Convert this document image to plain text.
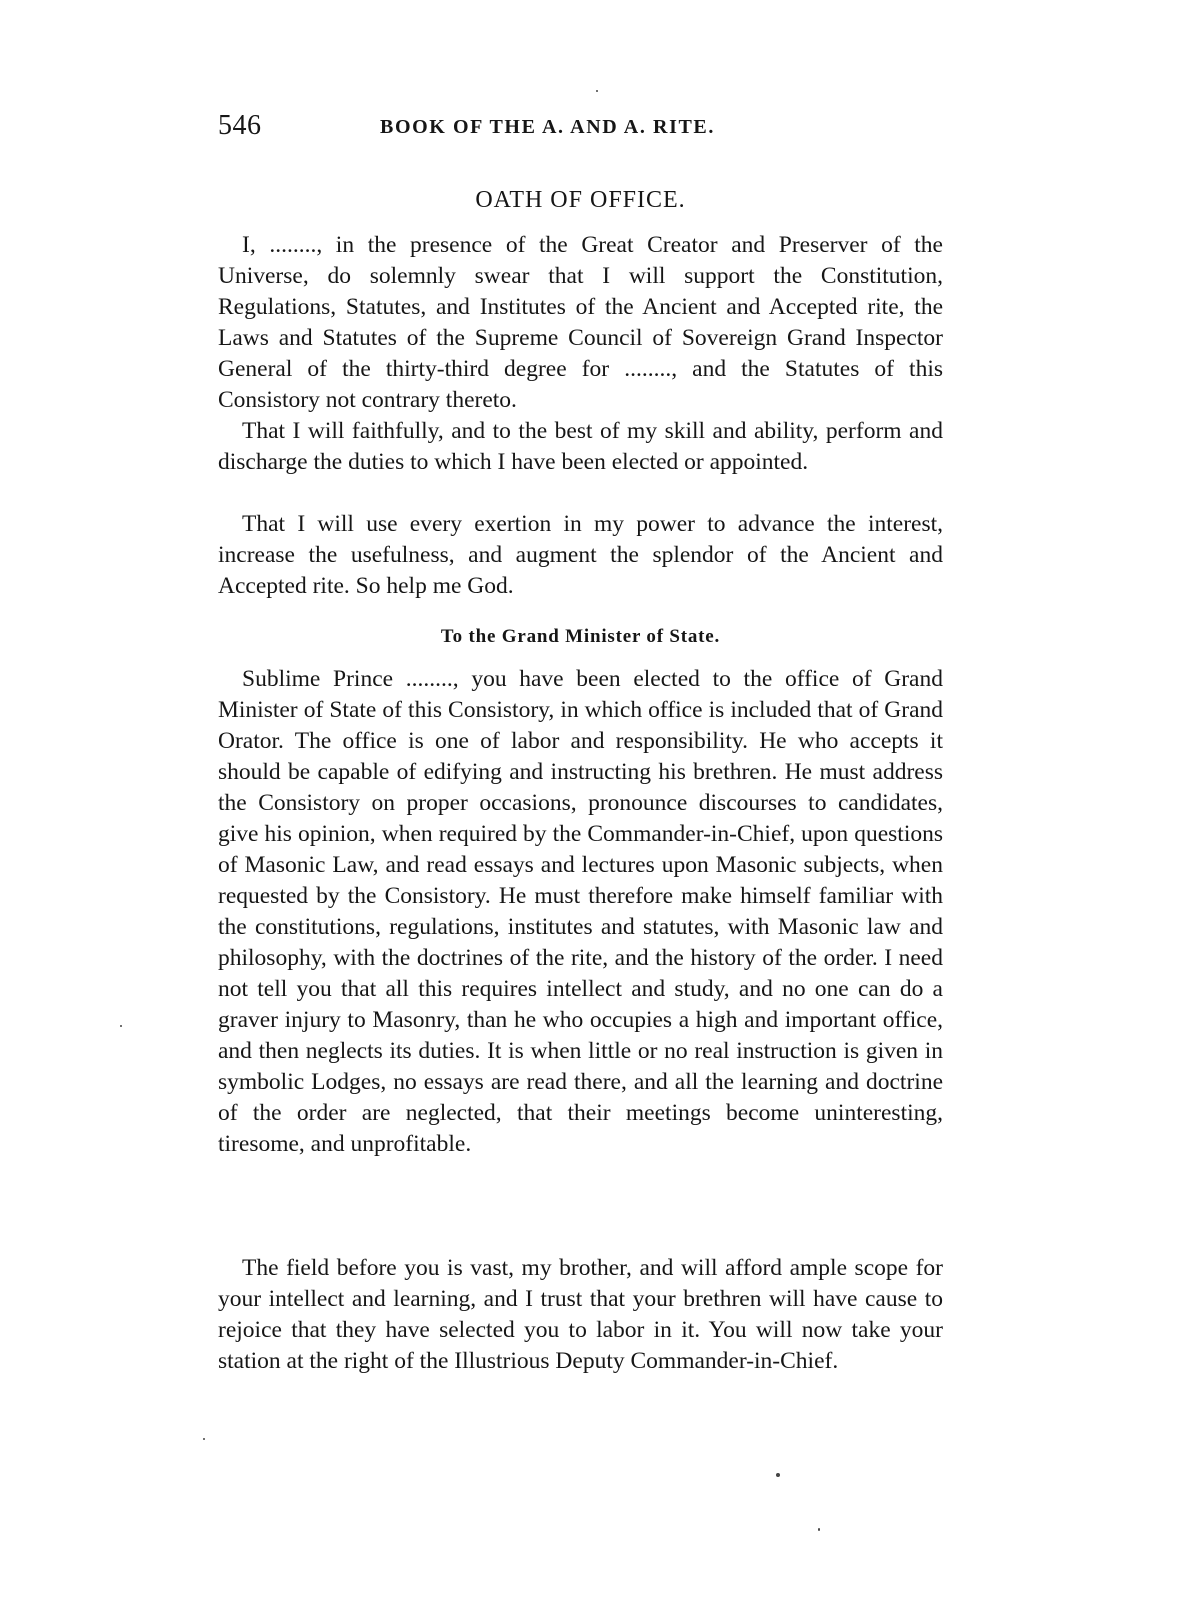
546	BOOK OF THE A. AND A. RITE.
OATH OF OFFICE.

I, ........, in the presence of the Great Creator and Preserver of the Universe, do solemnly swear that I will support the Constitution, Regulations, Statutes, and Institutes of the Ancient and Accepted rite, the Laws and Statutes of the Supreme Council of Sovereign Grand Inspector General of the thirty-third degree for ........, and the Statutes of this Consistory not contrary thereto.

That I will faithfully, and to the best of my skill and ability, perform and discharge the duties to which I have been elected or appointed.

That I will use every exertion in my power to advance the interest, increase the usefulness, and augment the splendor of the Ancient and Accepted rite. So help me God.

To the Grand Minister of State.

Sublime Prince ........, you have been elected to the office of Grand Minister of State of this Consistory, in which office is included that of Grand Orator. The office is one of labor and responsibility. He who accepts it should be capable of edifying and instructing his brethren. He must address the Consistory on proper occasions, pronounce discourses to candidates, give his opinion, when required by the Commander-in-Chief, upon questions of Masonic Law, and read essays and lectures upon Masonic subjects, when requested by the Consistory. He must therefore make himself familiar with the constitutions, regulations, institutes and statutes, with Masonic law and philosophy, with the doctrines of the rite, and the history of the order. I need not tell you that all this requires intellect and study, and no one can do a graver injury to Masonry, than he who occupies a high and important office, and then neglects its duties. It is when little or no real instruction is given in symbolic Lodges, no essays are read there, and all the learning and doctrine of the order are neglected, that their meetings become uninteresting, tiresome, and unprofitable.

The field before you is vast, my brother, and will afford ample scope for your intellect and learning, and I trust that your brethren will have cause to rejoice that they have selected you to labor in it. You will now take your station at the right of the Illustrious Deputy Commander-in-Chief.
